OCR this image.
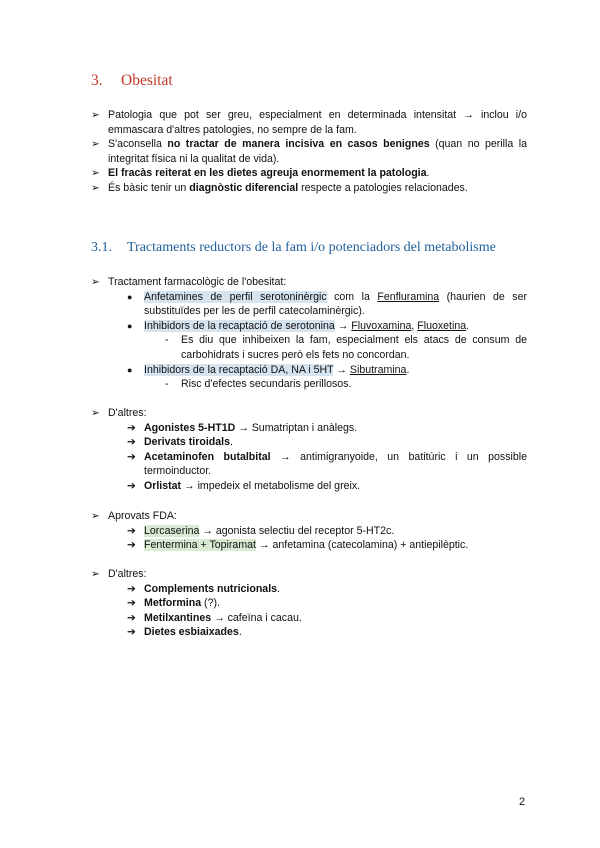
3. Obesitat
➢ Patologia que pot ser greu, especialment en determinada intensitat → inclou i/o emmascara d'altres patologies, no sempre de la fam.
➢ S'aconsella no tractar de manera incisiva en casos benignes (quan no perilla la integritat física ni la qualitat de vida).
➢ El fracàs reiterat en les dietes agreuja enormement la patologia.
➢ És bàsic tenir un diagnòstic diferencial respecte a patologies relacionades.
3.1. Tractaments reductors de la fam i/o potenciadors del metabolisme
➢ Tractament farmacològic de l'obesitat:
● Anfetamines de perfil serotoninèrgic com la Fenfluramina (haurien de ser substituïdes per les de perfil catecolaminèrgic).
● Inhibidors de la recaptació de serotonina → Fluvoxamina, Fluoxetina.
- Es diu que inhibeixen la fam, especialment els atacs de consum de carbohidrats i sucres però els fets no concordan.
● Inhibidors de la recaptació DA, NA i 5HT → Sibutramina.
- Risc d'efectes secundaris perillosos.
➢ D'altres:
➔ Agonistes 5-HT1D → Sumatriptan i anàlegs.
➔ Derivats tiroidals.
➔ Acetaminofen butalbital → antimigranyoide, un batitúric i un possible termoinductor.
➔ Orlistat → impedeix el metabolisme del greix.
➢ Aprovats FDA:
➔ Lorcaserina → agonista selectiu del receptor 5-HT2c.
➔ Fentermina + Topiramat → anfetamina (catecolamina) + antiepilèptic.
➢ D'altres:
➔ Complements nutricionals.
➔ Metformina (?).
➔ Metilxantines → cafeïna i cacau.
➔ Dietes esbiaixades.
2
